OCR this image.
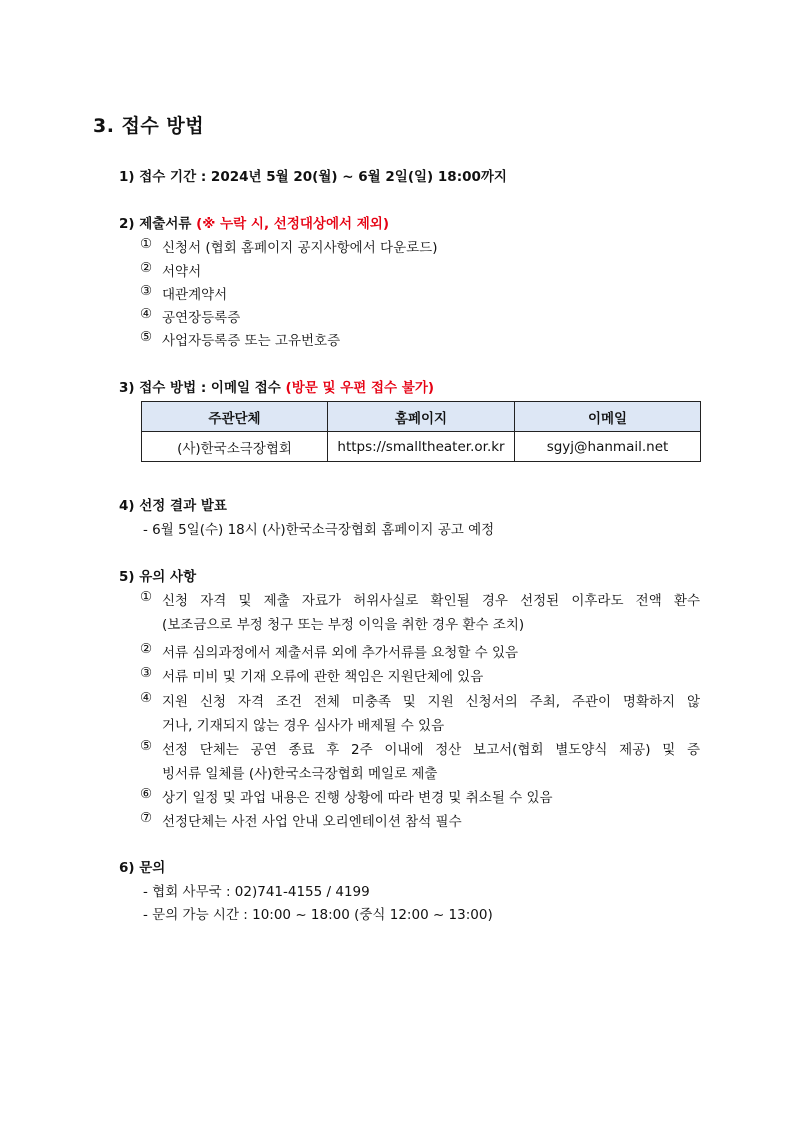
3. 접수 방법
1) 접수 기간 : 2024년 5월 20(월) ~ 6월 2일(일) 18:00까지
2) 제출서류 (※ 누락 시, 선정대상에서 제외)
① 신청서 (협회 홈페이지 공지사항에서 다운로드)
② 서약서
③ 대관계약서
④ 공연장등록증
⑤ 사업자등록증 또는 고유번호증
3) 접수 방법 : 이메일 접수 (방문 및 우편 접수 불가)
주관단체	홈페이지	이메일
(사)한국소극장협회	https://smalltheater.or.kr	sgyj@hanmail.net
4) 선정 결과 발표
- 6월 5일(수) 18시 (사)한국소극장협회 홈페이지 공고 예정
5) 유의 사항
① 신청 자격 및 제출 자료가 허위사실로 확인될 경우 선정된 이후라도 전액 환수
(보조금으로 부정 청구 또는 부정 이익을 취한 경우 환수 조치)
② 서류 심의과정에서 제출서류 외에 추가서류를 요청할 수 있음
③ 서류 미비 및 기재 오류에 관한 책임은 지원단체에 있음
④ 지원 신청 자격 조건 전체 미충족 및 지원 신청서의 주최, 주관이 명확하지 않
거나, 기재되지 않는 경우 심사가 배제될 수 있음
⑤ 선정 단체는 공연 종료 후 2주 이내에 정산 보고서(협회 별도양식 제공) 및 증
빙서류 일체를 (사)한국소극장협회 메일로 제출
⑥ 상기 일정 및 과업 내용은 진행 상황에 따라 변경 및 취소될 수 있음
⑦ 선정단체는 사전 사업 안내 오리엔테이션 참석 필수
6) 문의
- 협회 사무국 : 02)741-4155 / 4199
- 문의 가능 시간 : 10:00 ~ 18:00 (중식 12:00 ~ 13:00)
